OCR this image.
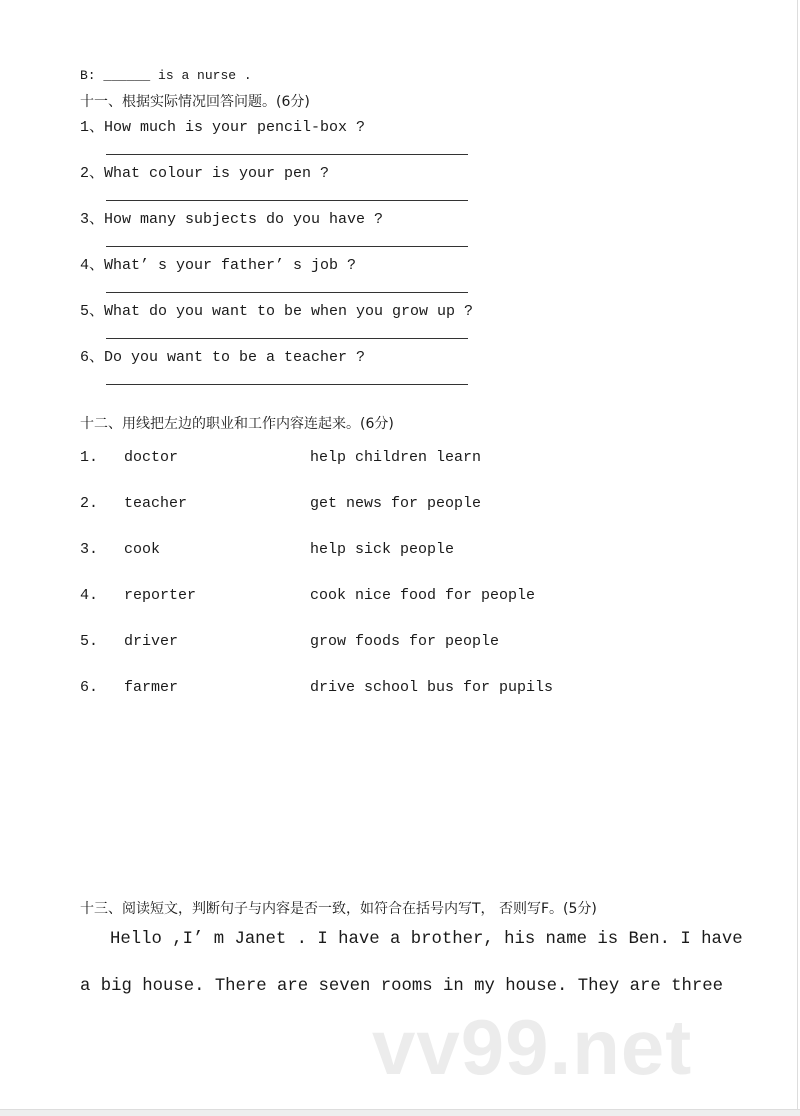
B: ______ is a nurse .
十一、根据实际情况回答问题。(6分)
1、How much is your pencil-box ?
2、What colour is your pen ?
3、How many subjects do you have ?
4、What’ s your father’ s job ?
5、What do you want to be when you grow up ?
6、Do you want to be a teacher ?
十二、用线把左边的职业和工作内容连起来。(6分)
1. doctor	help children learn
2. teacher	get news for people
3. cook	help sick people
4. reporter	cook nice food for people
5. driver	grow foods for people
6. farmer	drive school bus for pupils
vv99.net
十三、阅读短文，判断句子与内容是否一致，如符合在括号内写T， 否则写F。(5分)
Hello ,I’ m Janet . I have a brother, his name is Ben. I have
a big house. There are seven rooms in my house. They are three
